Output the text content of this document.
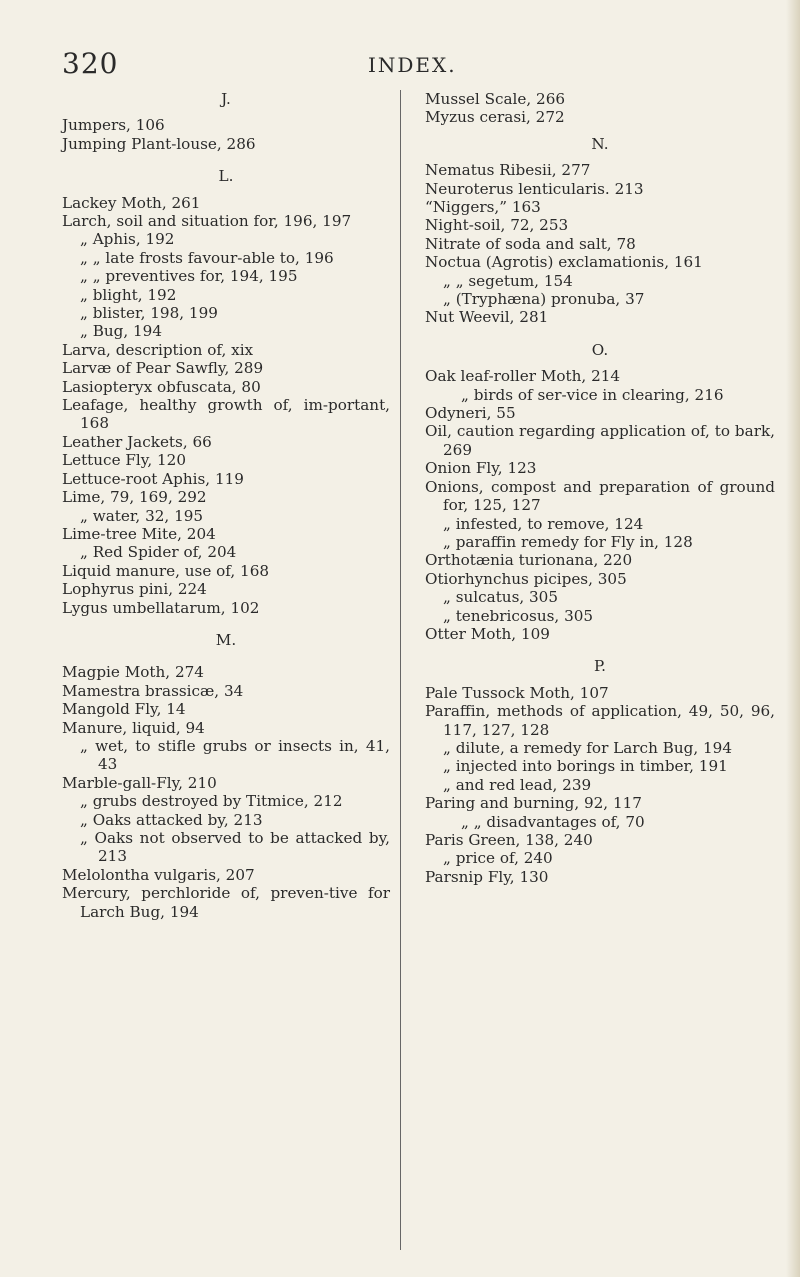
320	INDEX.

J.

Jumpers, 106

Jumping Plant-louse, 286

L.

Lackey Moth, 261

Larch, soil and situation for, 196, 197

„ Aphis, 192

„ „ late frosts favour-able to, 196

„ „ preventives for, 194, 195

„ blight, 192

„ blister, 198, 199

„ Bug, 194

Larva, description of, xix

Larvæ of Pear Sawfly, 289

Lasiopteryx obfuscata, 80

Leafage, healthy growth of, im-portant, 168

Leather Jackets, 66

Lettuce Fly, 120

Lettuce-root Aphis, 119

Lime, 79, 169, 292

„ water, 32, 195

Lime-tree Mite, 204

„ Red Spider of, 204

Liquid manure, use of, 168

Lophyrus pini, 224

Lygus umbellatarum, 102

M.

Magpie Moth, 274

Mamestra brassicæ, 34

Mangold Fly, 14

Manure, liquid, 94

„ wet, to stifle grubs or insects in, 41, 43

Marble-gall-Fly, 210

„ grubs destroyed by Titmice, 212

„ Oaks attacked by, 213

„ Oaks not observed to be attacked by, 213

Melolontha vulgaris, 207

Mercury, perchloride of, preven-tive for Larch Bug, 194

Mussel Scale, 266

Myzus cerasi, 272

N.

Nematus Ribesii, 277

Neuroterus lenticularis. 213

“Niggers,” 163

Night-soil, 72, 253

Nitrate of soda and salt, 78

Noctua (Agrotis) exclamationis, 161

„ „ segetum, 154

„ (Tryphæna) pronuba, 37

Nut Weevil, 281

O.

Oak leaf-roller Moth, 214

„ birds of ser-vice in clearing, 216

Odyneri, 55

Oil, caution regarding application of, to bark, 269

Onion Fly, 123

Onions, compost and preparation of ground for, 125, 127

„ infested, to remove, 124

„ paraffin remedy for Fly in, 128

Orthotænia turionana, 220

Otiorhynchus picipes, 305

„ sulcatus, 305

„ tenebricosus, 305

Otter Moth, 109

P.

Pale Tussock Moth, 107

Paraffin, methods of application, 49, 50, 96, 117, 127, 128

„ dilute, a remedy for Larch Bug, 194

„ injected into borings in timber, 191

„ and red lead, 239

Paring and burning, 92, 117

„ „ disadvantages of, 70

Paris Green, 138, 240

„ price of, 240

Parsnip Fly, 130
